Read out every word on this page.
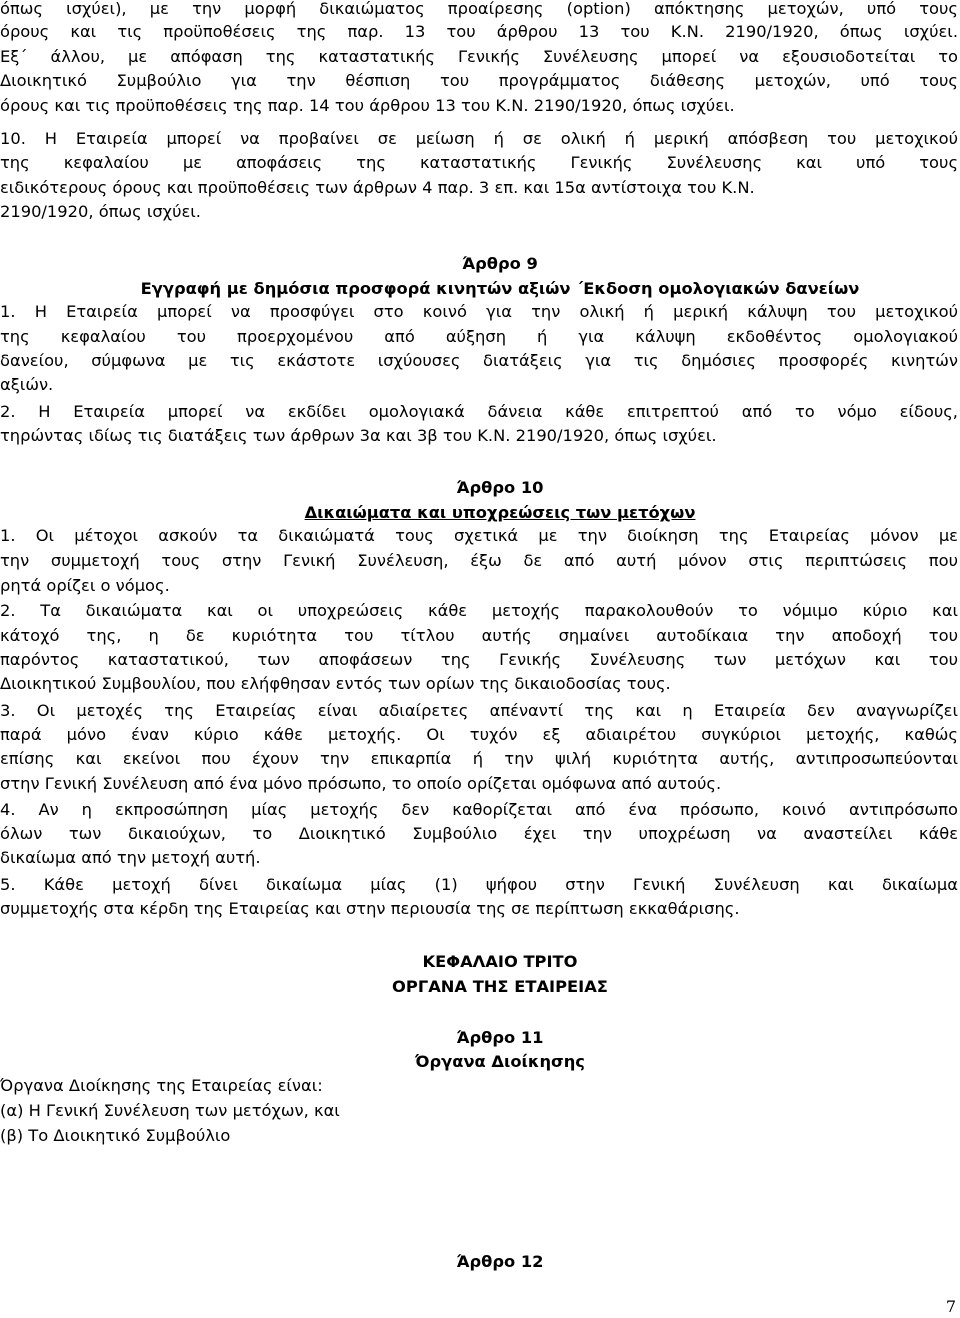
όπως ισχύει), με την μορφή δικαιώματος προαίρεσης (option) απόκτησης μετοχών, υπό τους
όρους και τις προϋποθέσεις της παρ. 13 του άρθρου 13 του Κ.Ν. 2190/1920, όπως ισχύει.
Εξ΄ άλλου, με απόφαση της καταστατικής Γενικής Συνέλευσης μπορεί να εξουσιοδοτείται το
Διοικητικό Συμβούλιο για την θέσπιση του προγράμματος διάθεσης μετοχών, υπό τους
όρους και τις προϋποθέσεις της παρ. 14 του άρθρου 13 του Κ.Ν. 2190/1920, όπως ισχύει.
10. Η Εταιρεία μπορεί να προβαίνει σε μείωση ή σε ολική ή μερική απόσβεση του μετοχικού
της κεφαλαίου με αποφάσεις της καταστατικής Γενικής Συνέλευσης και υπό τους
ειδικότερους όρους και προϋποθέσεις των άρθρων 4 παρ. 3 επ. και 15α αντίστοιχα του Κ.Ν.
2190/1920, όπως ισχύει.
Άρθρο 9
Εγγραφή με δημόσια προσφορά κινητών αξιών ΄Εκδοση ομολογιακών δανείων
1. Η Εταιρεία μπορεί να προσφύγει στο κοινό για την ολική ή μερική κάλυψη του μετοχικού
της κεφαλαίου του προερχομένου από αύξηση ή για κάλυψη εκδοθέντος ομολογιακού
δανείου, σύμφωνα με τις εκάστοτε ισχύουσες διατάξεις για τις δημόσιες προσφορές κινητών
αξιών.
2. Η Εταιρεία μπορεί να εκδίδει ομολογιακά δάνεια κάθε επιτρεπτού από το νόμο είδους,
τηρώντας ιδίως τις διατάξεις των άρθρων 3α και 3β του Κ.Ν. 2190/1920, όπως ισχύει.
Άρθρο 10
Δικαιώματα και υποχρεώσεις των μετόχων
1. Οι μέτοχοι ασκούν τα δικαιώματά τους σχετικά με την διοίκηση της Εταιρείας μόνον με
την συμμετοχή τους στην Γενική Συνέλευση, έξω δε από αυτή μόνον στις περιπτώσεις που
ρητά ορίζει ο νόμος.
2. Τα δικαιώματα και οι υποχρεώσεις κάθε μετοχής παρακολουθούν το νόμιμο κύριο και
κάτοχό της, η δε κυριότητα του τίτλου αυτής σημαίνει αυτοδίκαια την αποδοχή του
παρόντος καταστατικού, των αποφάσεων της Γενικής Συνέλευσης των μετόχων και του
Διοικητικού Συμβουλίου, που ελήφθησαν εντός των ορίων της δικαιοδοσίας τους.
3. Οι μετοχές της Εταιρείας είναι αδιαίρετες απέναντί της και η Εταιρεία δεν αναγνωρίζει
παρά μόνο έναν κύριο κάθε μετοχής. Οι τυχόν εξ αδιαιρέτου συγκύριοι μετοχής, καθώς
επίσης και εκείνοι που έχουν την επικαρπία ή την ψιλή κυριότητα αυτής, αντιπροσωπεύονται
στην Γενική Συνέλευση από ένα μόνο πρόσωπο, το οποίο ορίζεται ομόφωνα από αυτούς.
4. Αν η εκπροσώπηση μίας μετοχής δεν καθορίζεται από ένα πρόσωπο, κοινό αντιπρόσωπο
όλων των δικαιούχων, το Διοικητικό Συμβούλιο έχει την υποχρέωση να αναστείλει κάθε
δικαίωμα από την μετοχή αυτή.
5. Κάθε μετοχή δίνει δικαίωμα μίας (1) ψήφου στην Γενική Συνέλευση και δικαίωμα
συμμετοχής στα κέρδη της Εταιρείας και στην περιουσία της σε περίπτωση εκκαθάρισης.
ΚΕΦΑΛΑΙΟ ΤΡΙΤΟ
ΟΡΓΑΝΑ ΤΗΣ ΕΤΑΙΡΕΙΑΣ
Άρθρο 11
Όργανα Διοίκησης
Όργανα Διοίκησης της Εταιρείας είναι:
(α) Η Γενική Συνέλευση των μετόχων, και
(β) Το Διοικητικό Συμβούλιο
Άρθρο 12
7
